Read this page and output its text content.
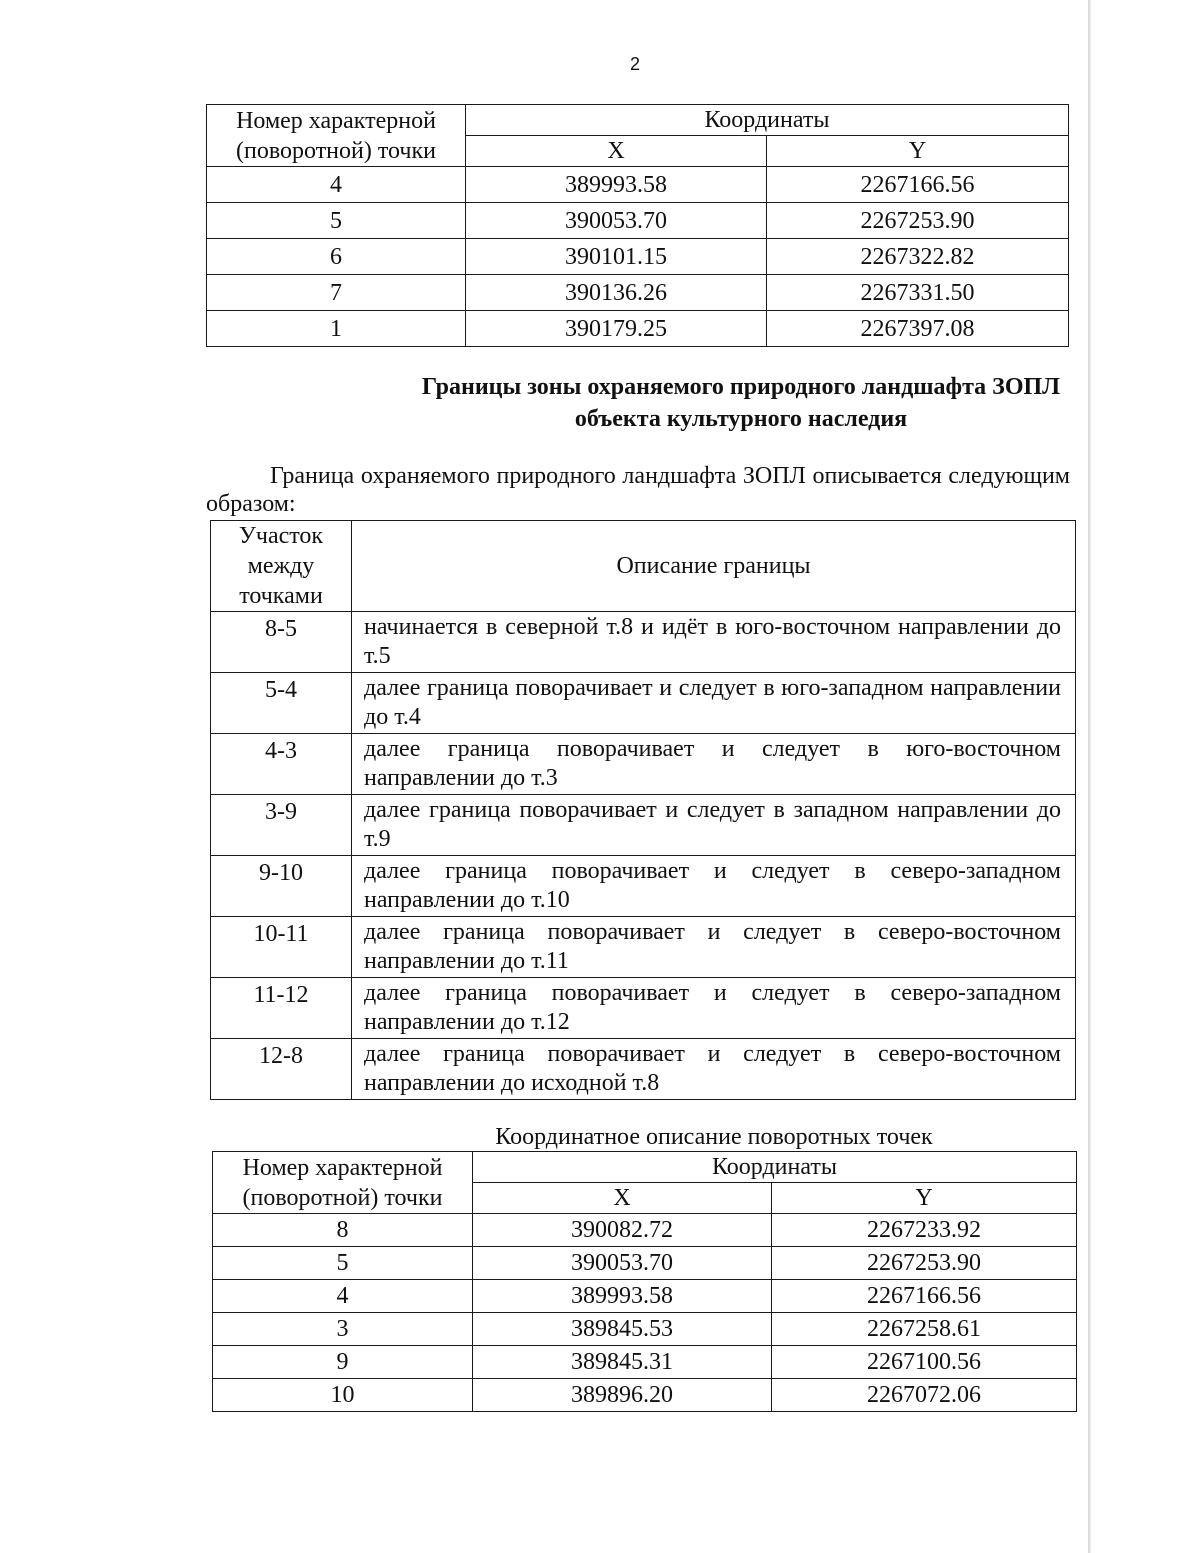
2
Номер характерной (поворотной) точки	Координаты	
	X	Y
4	389993.58	2267166.56
5	390053.70	2267253.90
6	390101.15	2267322.82
7	390136.26	2267331.50
1	390179.25	2267397.08
Границы зоны охраняемого природного ландшафта ЗОПЛ
объекта культурного наследия

Граница охраняемого природного ландшафта ЗОПЛ описывается следующим образом:

Участок между точками	Описание границы
8-5	начинается в северной т.8 и идёт в юго-восточном направлении до т.5
5-4	далее граница поворачивает и следует в юго-западном направлении до т.4
4-3	далее граница поворачивает и следует в юго-восточном направлении до т.3
3-9	далее граница поворачивает и следует в западном направлении до т.9
9-10	далее граница поворачивает и следует в северо-западном направлении до т.10
10-11	далее граница поворачивает и следует в северо-восточном направлении до т.11
11-12	далее граница поворачивает и следует в северо-западном направлении до т.12
12-8	далее граница поворачивает и следует в северо-восточном направлении до исходной т.8
Координатное описание поворотных точек
Номер характерной (поворотной) точки	Координаты	
	X	Y
8	390082.72	2267233.92
5	390053.70	2267253.90
4	389993.58	2267166.56
3	389845.53	2267258.61
9	389845.31	2267100.56
10	389896.20	2267072.06
